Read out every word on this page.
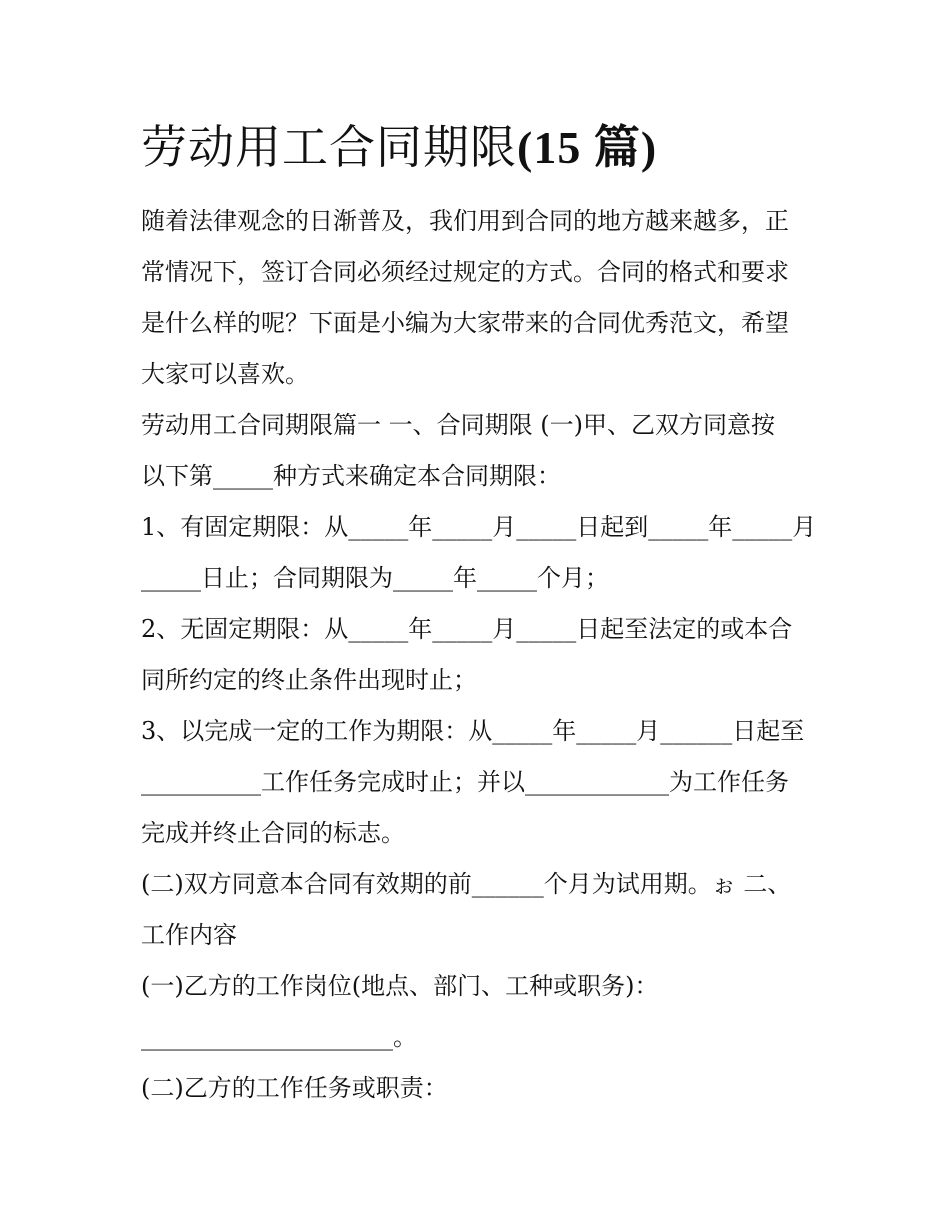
劳动用工合同期限(15 篇)
随着法律观念的日渐普及，我们用到合同的地方越来越多，正
常情况下，签订合同必须经过规定的方式。合同的格式和要求
是什么样的呢？下面是小编为大家带来的合同优秀范文，希望
大家可以喜欢。
劳动用工合同期限篇一 一、合同期限 (一)甲、乙双方同意按
以下第_____种方式来确定本合同期限：
1、有固定期限：从_____年_____月_____日起到_____年_____月
_____日止；合同期限为_____年_____个月；
2、无固定期限：从_____年_____月_____日起至法定的或本合
同所约定的终止条件出现时止；
3、以完成一定的工作为期限：从_____年_____月______日起至
__________工作任务完成时止；并以____________为工作任务
完成并终止合同的标志。
(二)双方同意本合同有效期的前______个月为试用期。ぉ 二、
工作内容
(一)乙方的工作岗位(地点、部门、工种或职务)：
_____________________。
(二)乙方的工作任务或职责：
